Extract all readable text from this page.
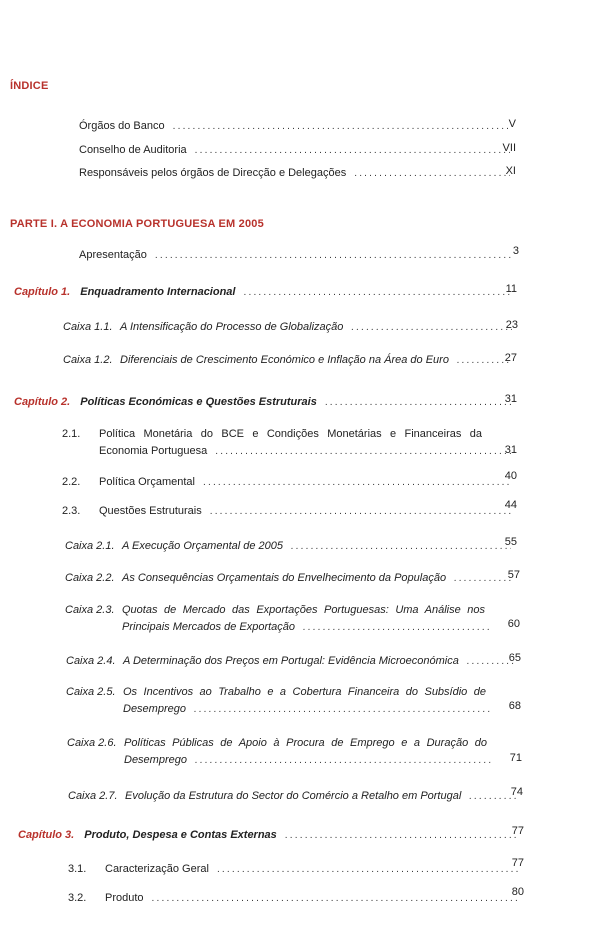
ÍNDICE
Órgãos do Banco .....	V
Conselho de Auditoria .....	VII
Responsáveis pelos órgãos de Direcção e Delegações .....	XI
PARTE I. A ECONOMIA PORTUGUESA EM 2005
Apresentação .....	3
Capítulo 1. Enquadramento Internacional .....	11
Caixa 1.1. A Intensificação do Processo de Globalização .....	23
Caixa 1.2. Diferenciais de Crescimento Económico e Inflação na Área do Euro .....	27
Capítulo 2. Políticas Económicas e Questões Estruturais .....	31
2.1. Política Monetária do BCE e Condições Monetárias e Financeiras da
Economia Portuguesa .....	31
2.2. Política Orçamental .....	40
2.3. Questões Estruturais .....	44
Caixa 2.1. A Execução Orçamental de 2005 .....	55
Caixa 2.2. As Consequências Orçamentais do Envelhecimento da População .....	57
Caixa 2.3. Quotas de Mercado das Exportações Portuguesas: Uma Análise nos
Principais Mercados de Exportação .....	60
Caixa 2.4. A Determinação dos Preços em Portugal: Evidência Microeconómica .....	65
Caixa 2.5. Os Incentivos ao Trabalho e a Cobertura Financeira do Subsídio de
Desemprego .....	68
Caixa 2.6. Políticas Públicas de Apoio à Procura de Emprego e a Duração do
Desemprego .....	71
Caixa 2.7. Evolução da Estrutura do Sector do Comércio a Retalho em Portugal .....	74
Capítulo 3. Produto, Despesa e Contas Externas .....	77
3.1. Caracterização Geral .....	77
3.2. Produto .....	80
